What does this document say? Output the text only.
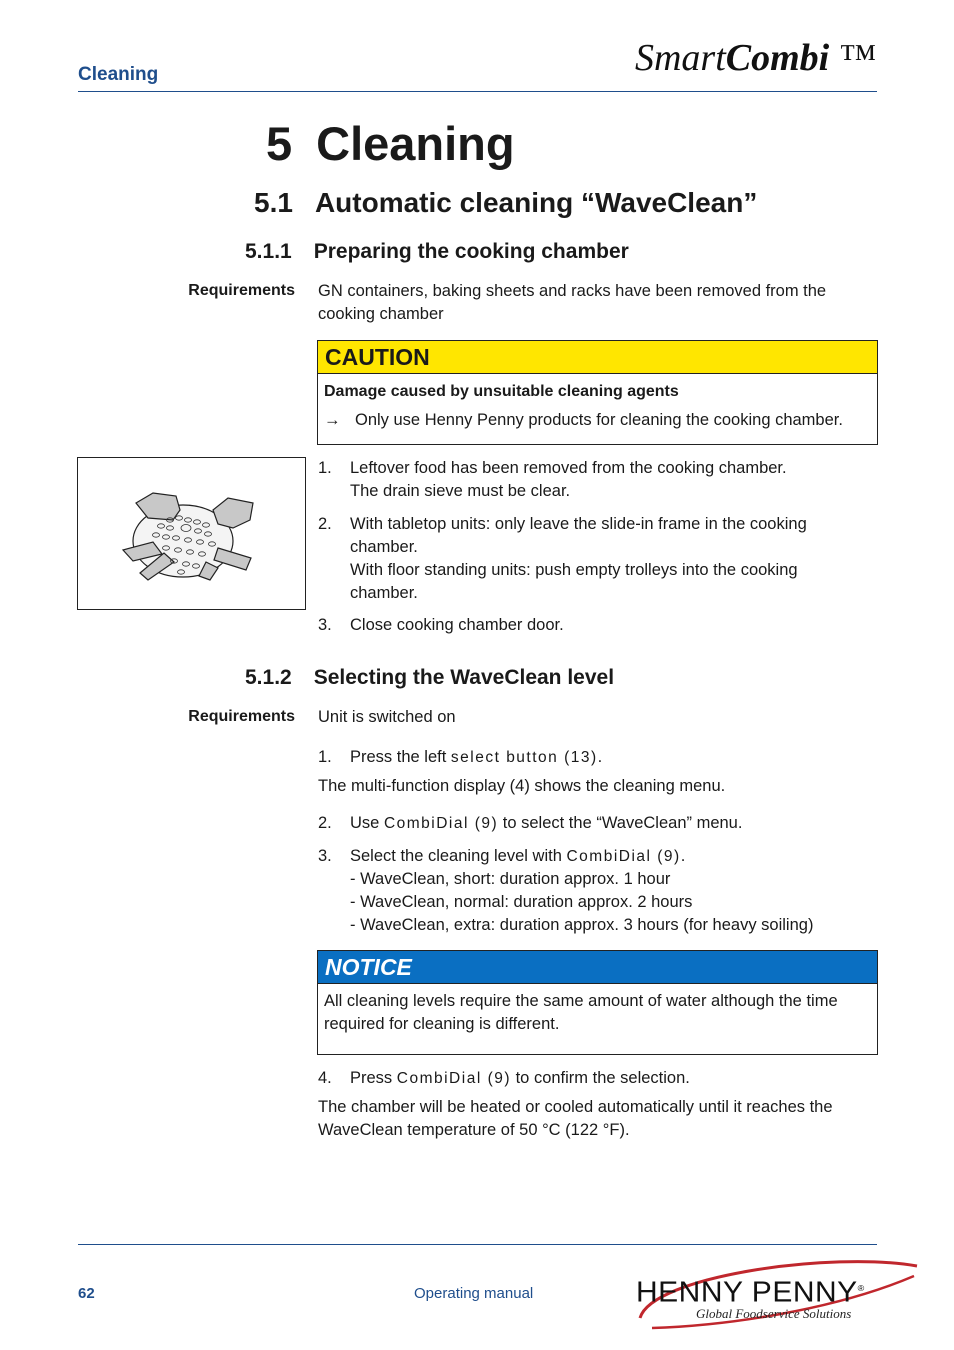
Cleaning	SmartCombi ™
5 Cleaning
5.1 Automatic cleaning “WaveClean”
5.1.1 Preparing the cooking chamber
Requirements GN containers, baking sheets and racks have been removed from the cooking chamber
CAUTION
Damage caused by unsuitable cleaning agents
→ Only use Henny Penny products for cleaning the cooking chamber.
1. Leftover food has been removed from the cooking chamber.
The drain sieve must be clear.
2. With tabletop units: only leave the slide-in frame in the cooking chamber.
With floor standing units: push empty trolleys into the cooking chamber.
3. Close cooking chamber door.
5.1.2 Selecting the WaveClean level
Requirements Unit is switched on
1. Press the left select button (13).
The multi-function display (4) shows the cleaning menu.
2. Use CombiDial (9) to select the “WaveClean” menu.
3. Select the cleaning level with CombiDial (9).
- WaveClean, short: duration approx. 1 hour
- WaveClean, normal: duration approx. 2 hours
- WaveClean, extra: duration approx. 3 hours (for heavy soiling)
NOTICE
All cleaning levels require the same amount of water although the time required for cleaning is different.
4. Press CombiDial (9) to confirm the selection.
The chamber will be heated or cooled automatically until it reaches the WaveClean temperature of 50 °C (122 °F).
62	Operating manual	HENNY PENNY®
Global Foodservice Solutions
